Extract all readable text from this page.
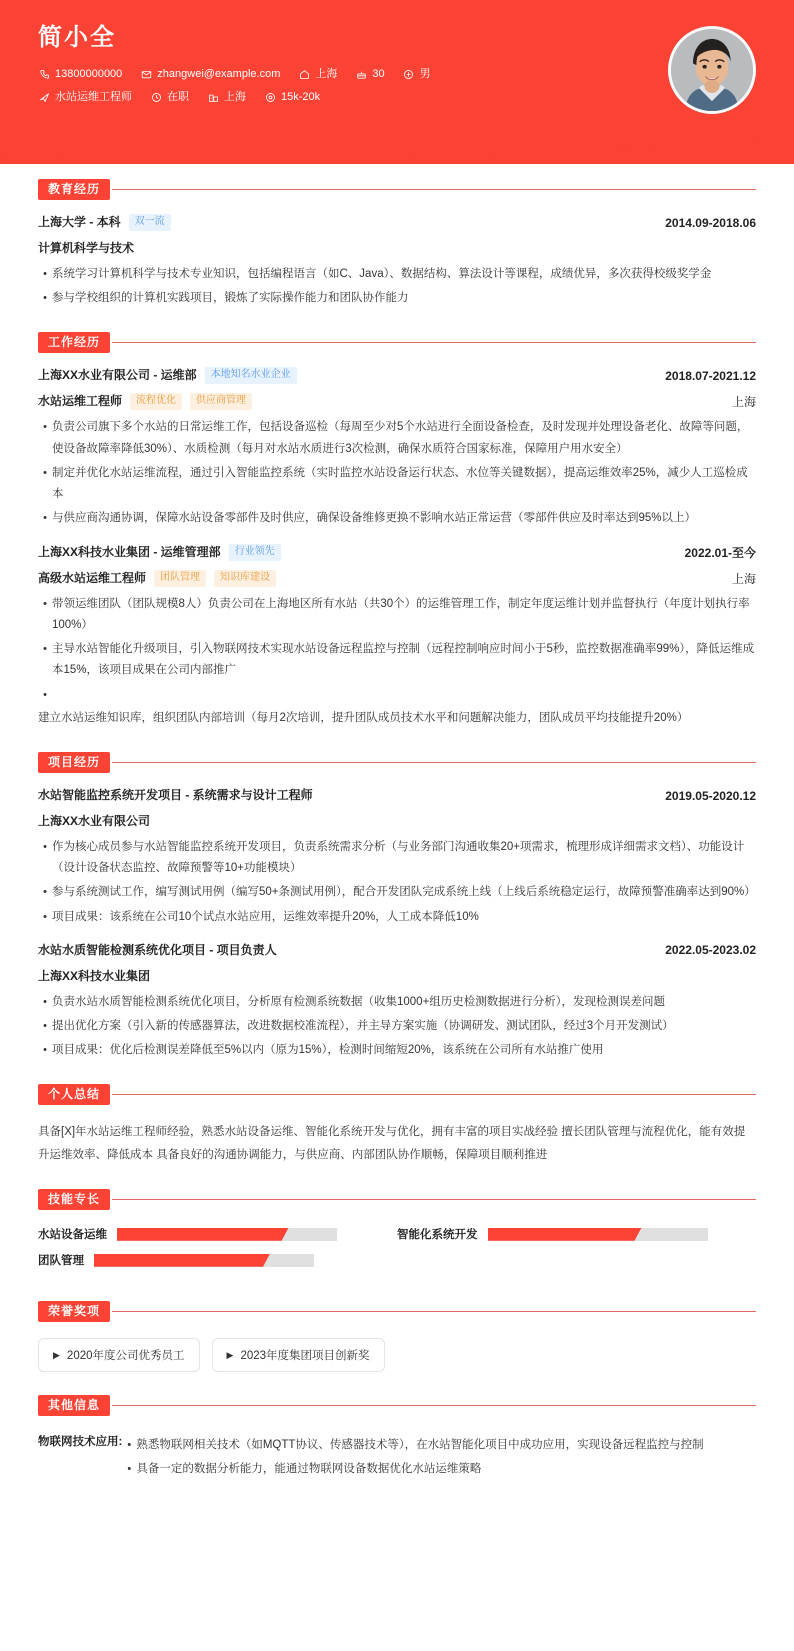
简小全
13800000000	zhangwei@example.com	上海	30	男
水站运维工程师	在职	上海	15k-20k
教育经历
上海大学 - 本科	双一流	2014.09-2018.06
计算机科学与技术
• 系统学习计算机科学与技术专业知识，包括编程语言（如C、Java）、数据结构、算法设计等课程，成绩优异，多次获得校级奖学金
• 参与学校组织的计算机实践项目，锻炼了实际操作能力和团队协作能力
工作经历
上海XX水业有限公司 - 运维部	本地知名水业企业	2018.07-2021.12
水站运维工程师	流程优化	供应商管理	上海
• 负责公司旗下多个水站的日常运维工作，包括设备巡检（每周至少对5个水站进行全面设备检查，及时发现并处理设备老化、故障等问题，使设备故障率降低30%）、水质检测（每月对水站水质进行3次检测，确保水质符合国家标准，保障用户用水安全）
• 制定并优化水站运维流程，通过引入智能监控系统（实时监控水站设备运行状态、水位等关键数据），提高运维效率25%，减少人工巡检成本
• 与供应商沟通协调，保障水站设备零部件及时供应，确保设备维修更换不影响水站正常运营（零部件供应及时率达到95%以上）
上海XX科技水业集团 - 运维管理部	行业领先	2022.01-至今
高级水站运维工程师	团队管理	知识库建设	上海
• 带领运维团队（团队规模8人）负责公司在上海地区所有水站（共30个）的运维管理工作，制定年度运维计划并监督执行（年度计划执行率100%）
• 主导水站智能化升级项目，引入物联网技术实现水站设备远程监控与控制（远程控制响应时间小于5秒，监控数据准确率99%），降低运维成本15%，该项目成果在公司内部推广
•
建立水站运维知识库，组织团队内部培训（每月2次培训，提升团队成员技术水平和问题解决能力，团队成员平均技能提升20%）
项目经历
水站智能监控系统开发项目 - 系统需求与设计工程师	2019.05-2020.12
上海XX水业有限公司
• 作为核心成员参与水站智能监控系统开发项目，负责系统需求分析（与业务部门沟通收集20+项需求，梳理形成详细需求文档）、功能设计（设计设备状态监控、故障预警等10+功能模块）
• 参与系统测试工作，编写测试用例（编写50+条测试用例），配合开发团队完成系统上线（上线后系统稳定运行，故障预警准确率达到90%）
• 项目成果：该系统在公司10个试点水站应用，运维效率提升20%，人工成本降低10%
水站水质智能检测系统优化项目 - 项目负责人	2022.05-2023.02
上海XX科技水业集团
• 负责水站水质智能检测系统优化项目，分析原有检测系统数据（收集1000+组历史检测数据进行分析），发现检测误差问题
• 提出优化方案（引入新的传感器算法，改进数据校准流程），并主导方案实施（协调研发、测试团队，经过3个月开发测试）
• 项目成果：优化后检测误差降低至5%以内（原为15%），检测时间缩短20%，该系统在公司所有水站推广使用
个人总结
具备[X]年水站运维工程师经验，熟悉水站设备运维、智能化系统开发与优化，拥有丰富的项目实战经验 擅长团队管理与流程优化，能有效提升运维效率、降低成本 具备良好的沟通协调能力，与供应商、内部团队协作顺畅，保障项目顺利推进
技能专长
水站设备运维	智能化系统开发
团队管理
荣誉奖项
▶ 2020年度公司优秀员工	▶ 2023年度集团项目创新奖
其他信息
物联网技术应用: • 熟悉物联网相关技术（如MQTT协议、传感器技术等），在水站智能化项目中成功应用，实现设备远程监控与控制
• 具备一定的数据分析能力，能通过物联网设备数据优化水站运维策略
